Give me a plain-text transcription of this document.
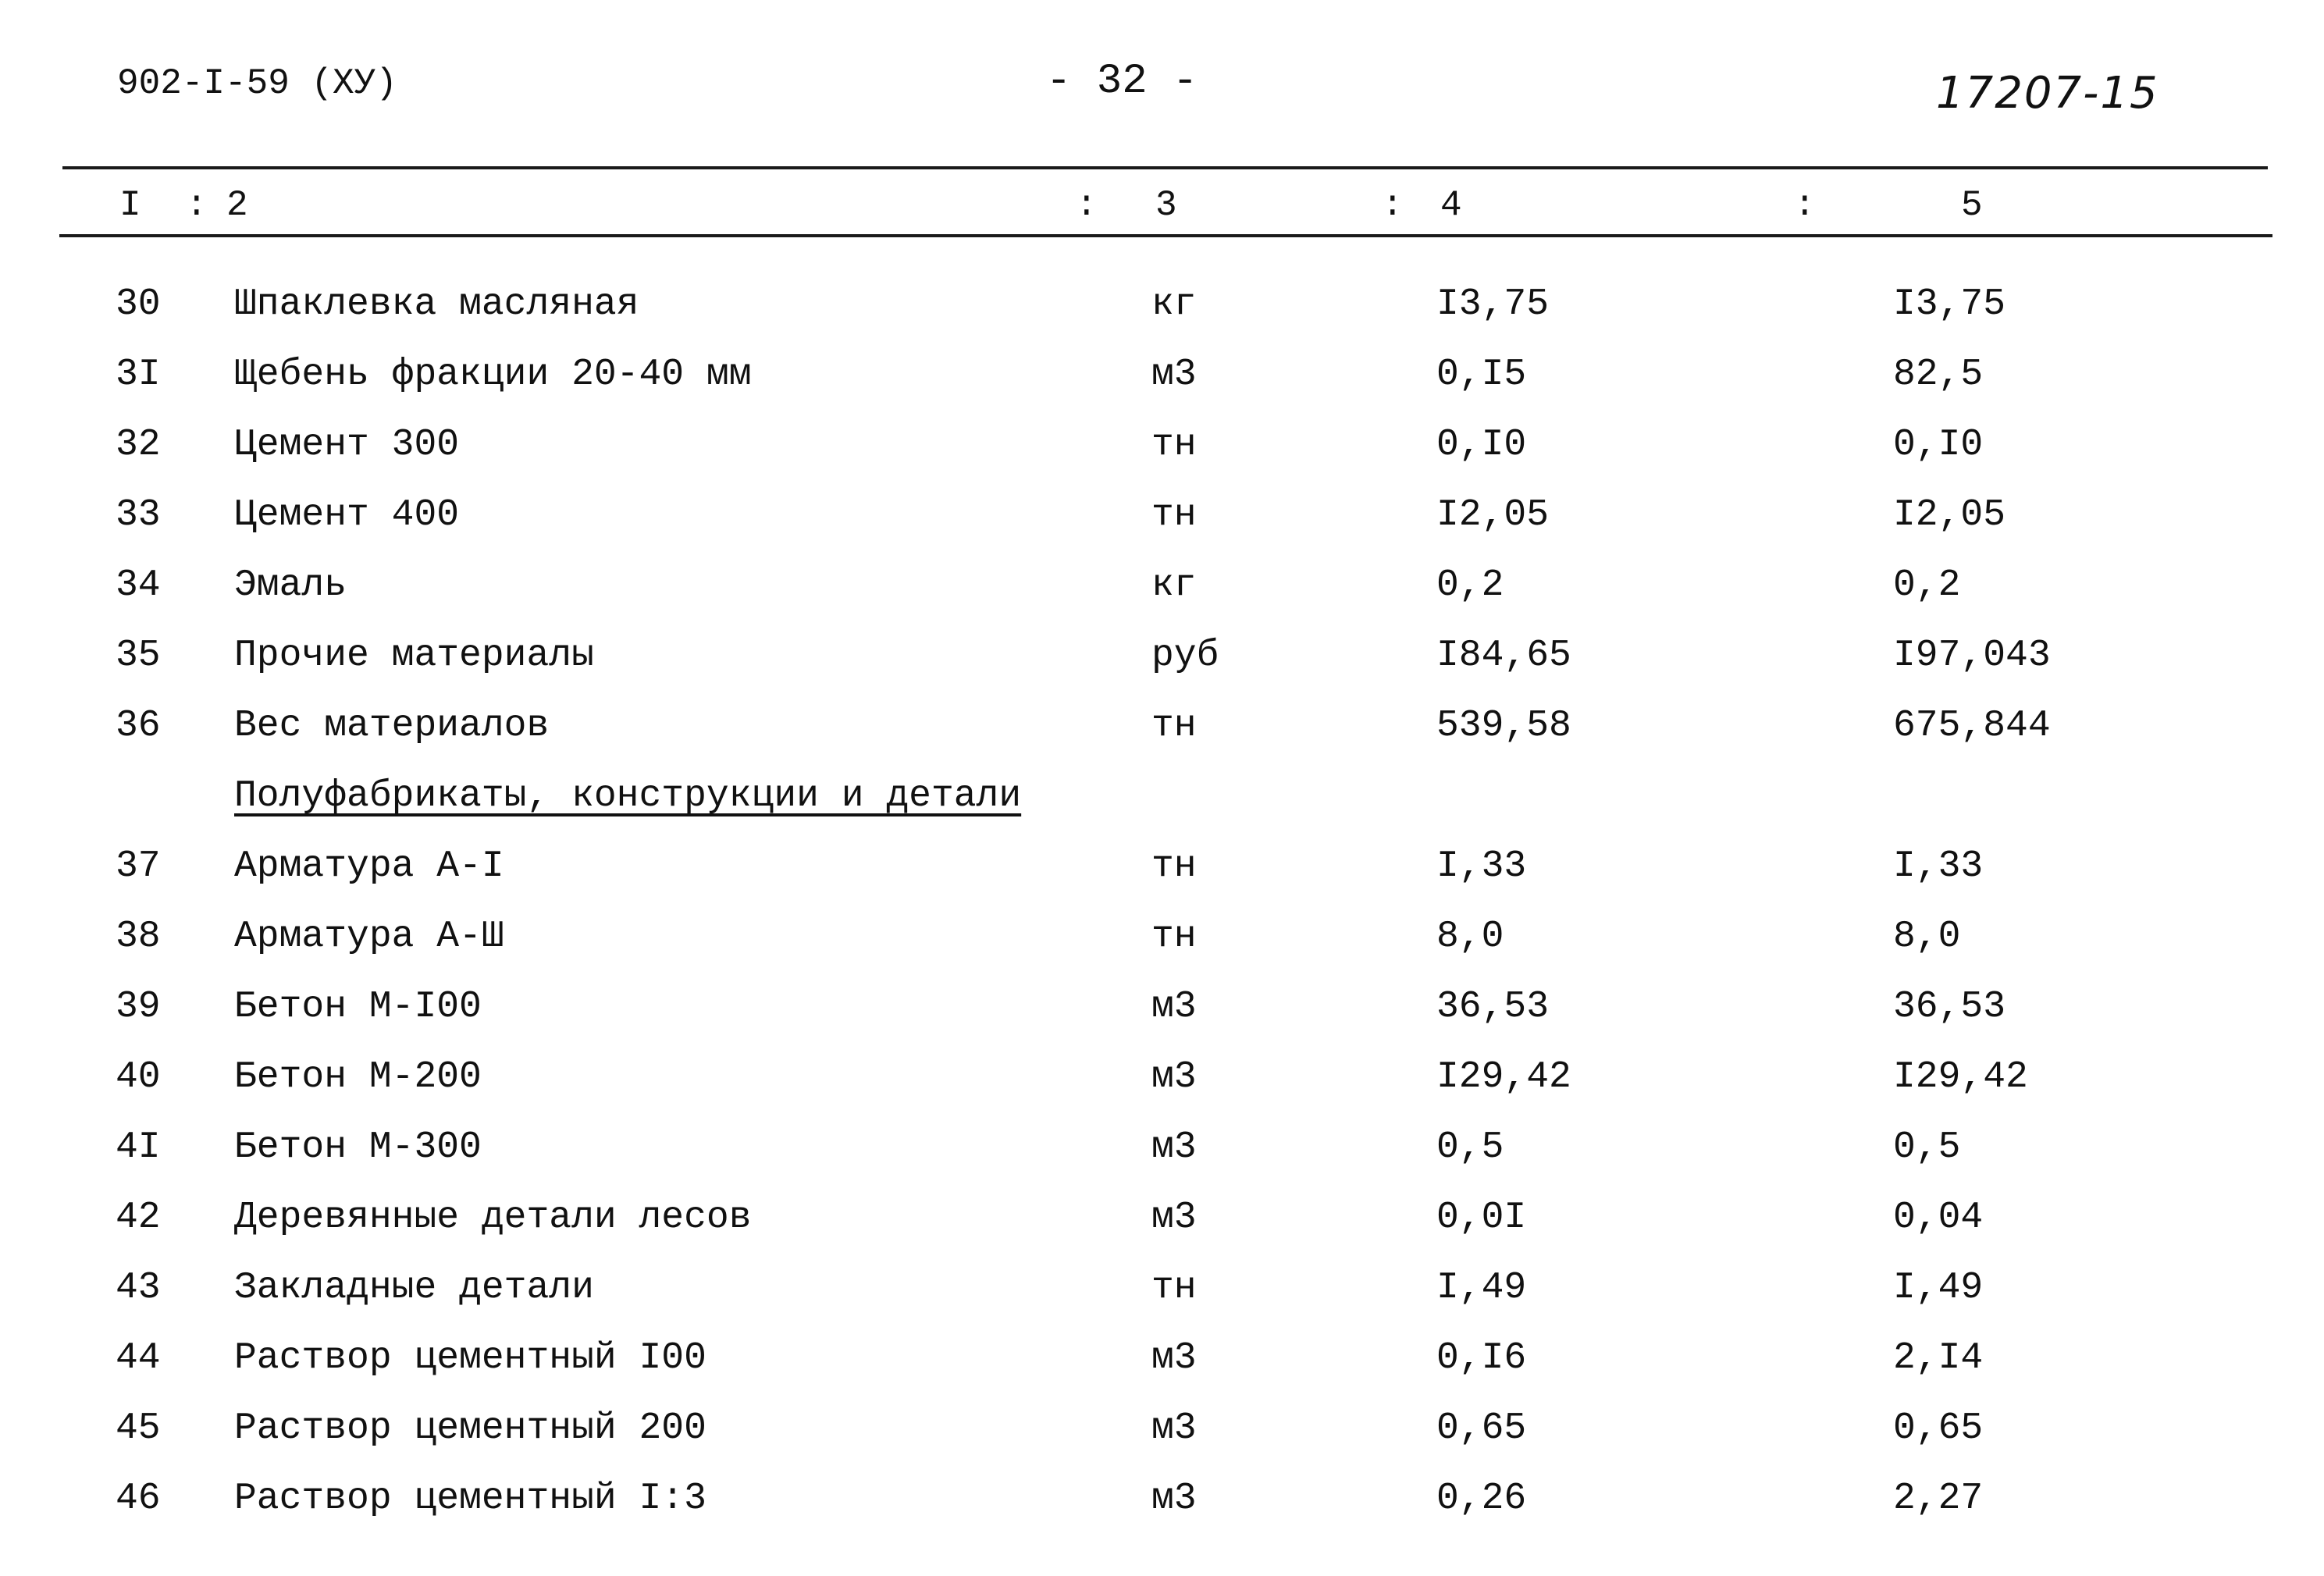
902-I-59 (XУ)	- 32 -	17207-15
I : 2	: 3	: 4	:	5
30 Шпаклевка масляная	кг	I3,75	I3,75
3I Щебень фракции 20-40 мм	м3	0,I5	82,5
32 Цемент 300	тн	0,I0	0,I0
33 Цемент 400	тн	I2,05	I2,05
34 Эмаль	кг	0,2	0,2
35 Прочие материалы	руб	I84,65	I97,043
36 Вес материалов	тн	539,58	675,844
Полуфабрикаты, конструкции и детали
37 Арматура А-I	тн	I,33	I,33
38 Арматура А-Ш	тн	8,0	8,0
39 Бетон М-I00	м3	36,53	36,53
40 Бетон М-200	м3	I29,42	I29,42
4I Бетон М-300	м3	0,5	0,5
42 Деревянные детали лесов	м3	0,0I	0,04
43 Закладные детали	тн	I,49	I,49
44 Раствор цементный I00	м3	0,I6	2,I4
45 Раствор цементный 200	м3	0,65	0,65
46 Раствор цементный I:3	м3	0,26	2,27
